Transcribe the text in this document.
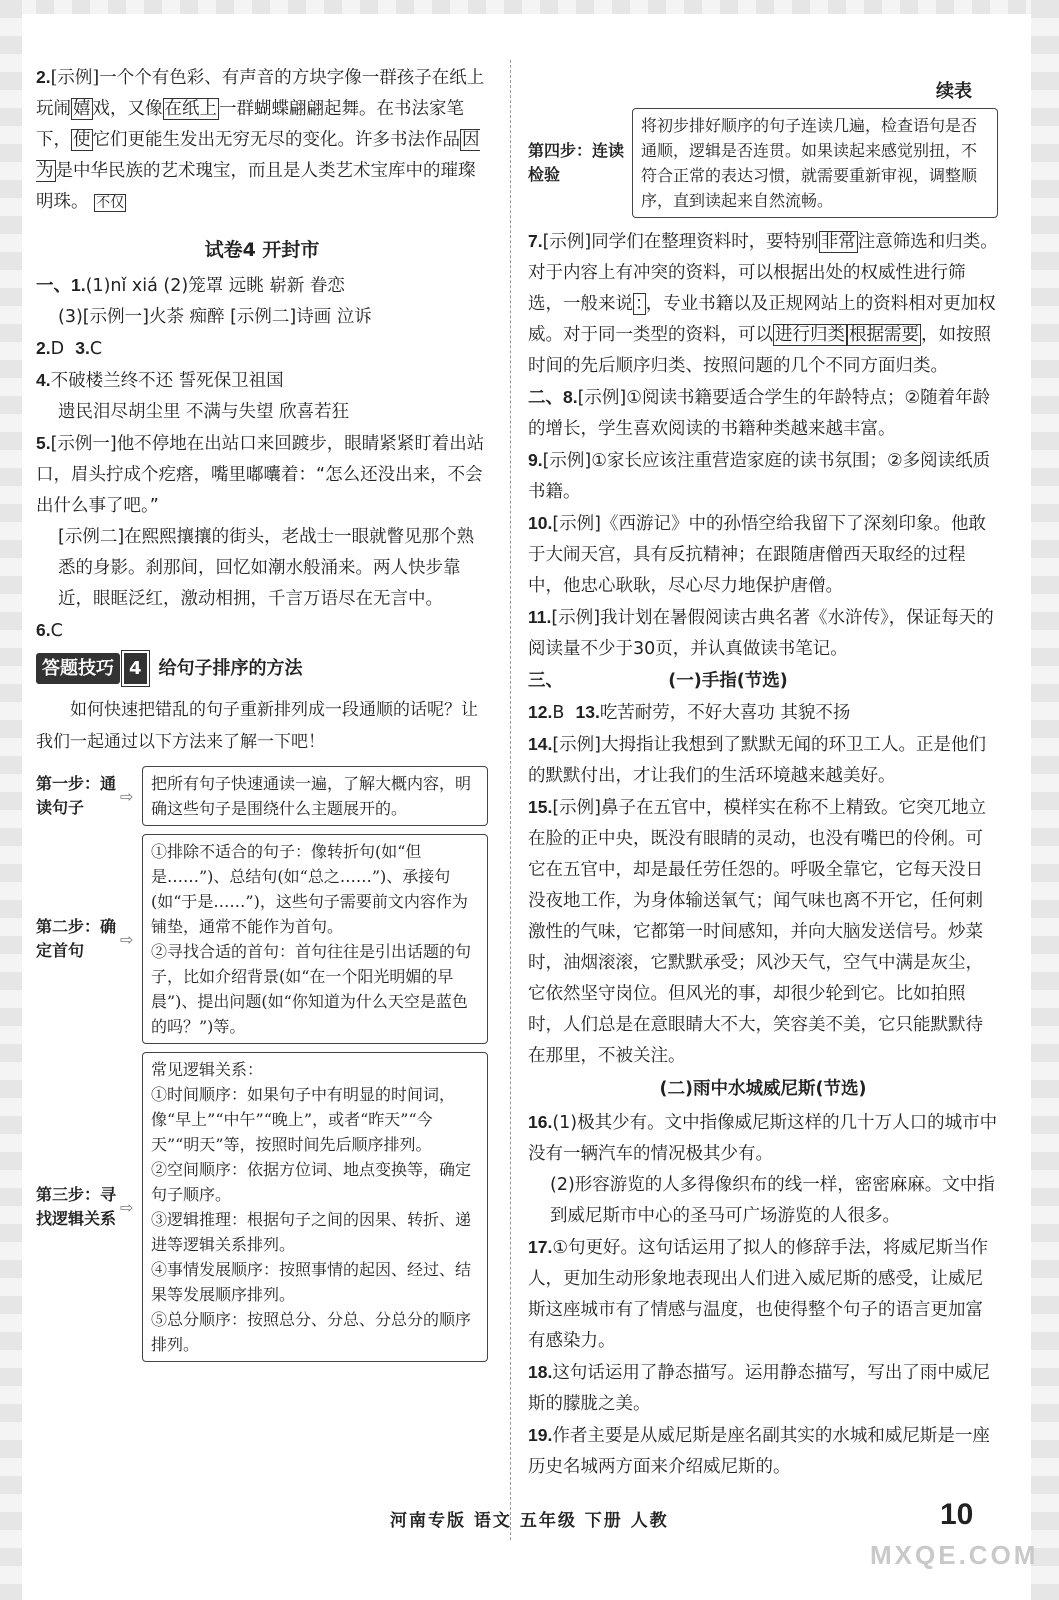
2.[示例]一个个有色彩、有声音的方块字像一群孩子在纸上玩闹 嬉 戏，又像 在纸上 一群蝴蝶翩翩起舞。在书法家笔下， 使 它们更能生发出无穷无尽的变化。许多书法作品 因为 是中华民族的艺术瑰宝，而且是人类艺术宝库中的璀璨明珠。 不仅

试卷4 开封市

一、1.(1)nǐ xiá (2)笼罩 远眺 崭新 眷恋

(3)[示例一]火荼 痴醉 [示例二]诗画 泣诉

2.D 3.C

4.不破楼兰终不还 誓死保卫祖国

遗民泪尽胡尘里 不满与失望 欣喜若狂

5.[示例一]他不停地在出站口来回踱步，眼睛紧紧盯着出站口，眉头拧成个疙瘩，嘴里嘟囔着：“怎么还没出来，不会出什么事了吧。”

[示例二]在熙熙攘攘的街头，老战士一眼就瞥见那个熟悉的身影。刹那间，回忆如潮水般涌来。两人快步靠近，眼眶泛红，激动相拥，千言万语尽在无言中。

6.C

答题技巧 4 给句子排序的方法

如何快速把错乱的句子重新排列成一段通顺的话呢？让我们一起通过以下方法来了解一下吧！

第一步：通读句子
⇨
把所有句子快速通读一遍，了解大概内容，明确这些句子是围绕什么主题展开的。
第二步：确定首句
⇨
①排除不适合的句子：像转折句(如“但是……”)、总结句(如“总之……”)、承接句(如“于是……”)，这些句子需要前文内容作为铺垫，通常不能作为首句。
②寻找合适的首句：首句往往是引出话题的句子，比如介绍背景(如“在一个阳光明媚的早晨”)、提出问题(如“你知道为什么天空是蓝色的吗？”)等。
第三步：寻找逻辑关系
⇨
常见逻辑关系：
①时间顺序：如果句子中有明显的时间词，像“早上”“中午”“晚上”，或者“昨天”“今天”“明天”等，按照时间先后顺序排列。
②空间顺序：依据方位词、地点变换等，确定句子顺序。
③逻辑推理：根据句子之间的因果、转折、递进等逻辑关系排列。
④事情发展顺序：按照事情的起因、经过、结果等发展顺序排列。
⑤总分顺序：按照总分、分总、分总分的顺序排列。
续表
第四步：连读检验
将初步排好顺序的句子连读几遍，检查语句是否通顺，逻辑是否连贯。如果读起来感觉别扭，不符合正常的表达习惯，就需要重新审视，调整顺序，直到读起来自然流畅。

7.[示例]同学们在整理资料时，要特别 非常 注意筛选和归类。对于内容上有冲突的资料，可以根据出处的权威性进行筛选，一般来说 ： ，专业书籍以及正规网站上的资料相对更加权威。对于同一类型的资料，可以 进行归类 根据需要 ，如按照时间的先后顺序归类、按照问题的几个不同方面归类。

二、8.[示例]①阅读书籍要适合学生的年龄特点；②随着年龄的增长，学生喜欢阅读的书籍种类越来越丰富。

9.[示例]①家长应该注重营造家庭的读书氛围；②多阅读纸质书籍。

10.[示例]《西游记》中的孙悟空给我留下了深刻印象。他敢于大闹天宫，具有反抗精神；在跟随唐僧西天取经的过程中，他忠心耿耿，尽心尽力地保护唐僧。

11.[示例]我计划在暑假阅读古典名著《水浒传》，保证每天的阅读量不少于30页，并认真做读书笔记。

三、	(一)手指(节选)

12.B 13.吃苦耐劳，不好大喜功 其貌不扬

14.[示例]大拇指让我想到了默默无闻的环卫工人。正是他们的默默付出，才让我们的生活环境越来越美好。

15.[示例]鼻子在五官中，模样实在称不上精致。它突兀地立在脸的正中央，既没有眼睛的灵动，也没有嘴巴的伶俐。可它在五官中，却是最任劳任怨的。呼吸全靠它，它每天没日没夜地工作，为身体输送氧气；闻气味也离不开它，任何刺激性的气味，它都第一时间感知，并向大脑发送信号。炒菜时，油烟滚滚，它默默承受；风沙天气，空气中满是灰尘，它依然坚守岗位。但风光的事，却很少轮到它。比如拍照时，人们总是在意眼睛大不大，笑容美不美，它只能默默待在那里，不被关注。

(二)雨中水城威尼斯(节选)

16.(1)极其少有。文中指像威尼斯这样的几十万人口的城市中没有一辆汽车的情况极其少有。

(2)形容游览的人多得像织布的线一样，密密麻麻。文中指到威尼斯市中心的圣马可广场游览的人很多。

17.①句更好。这句话运用了拟人的修辞手法，将威尼斯当作人，更加生动形象地表现出人们进入威尼斯的感受，让威尼斯这座城市有了情感与温度，也使得整个句子的语言更加富有感染力。

18.这句话运用了静态描写。运用静态描写，写出了雨中威尼斯的朦胧之美。

19.作者主要是从威尼斯是座名副其实的水城和威尼斯是一座历史名城两方面来介绍威尼斯的。

河南专版 语文 五年级 下册 人教	10
MXQE.COM
